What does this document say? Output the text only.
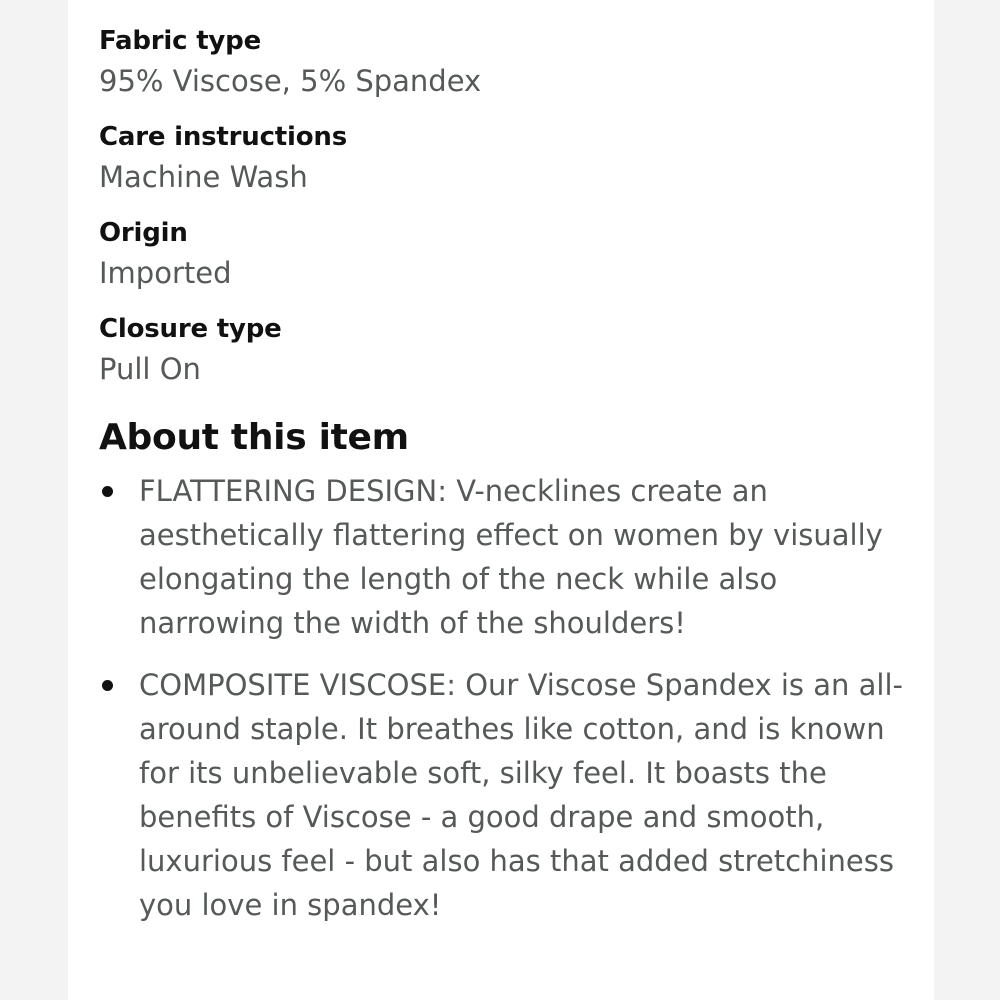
Fabric type
95% Viscose, 5% Spandex
Care instructions
Machine Wash
Origin
Imported
Closure type
Pull On
About this item
FLATTERING DESIGN: V-necklines create an aesthetically flattering effect on women by visually elongating the length of the neck while also narrowing the width of the shoulders!
COMPOSITE VISCOSE: Our Viscose Spandex is an all-around staple. It breathes like cotton, and is known for its unbelievable soft, silky feel. It boasts the benefits of Viscose - a good drape and smooth, luxurious feel - but also has that added stretchiness you love in spandex!
